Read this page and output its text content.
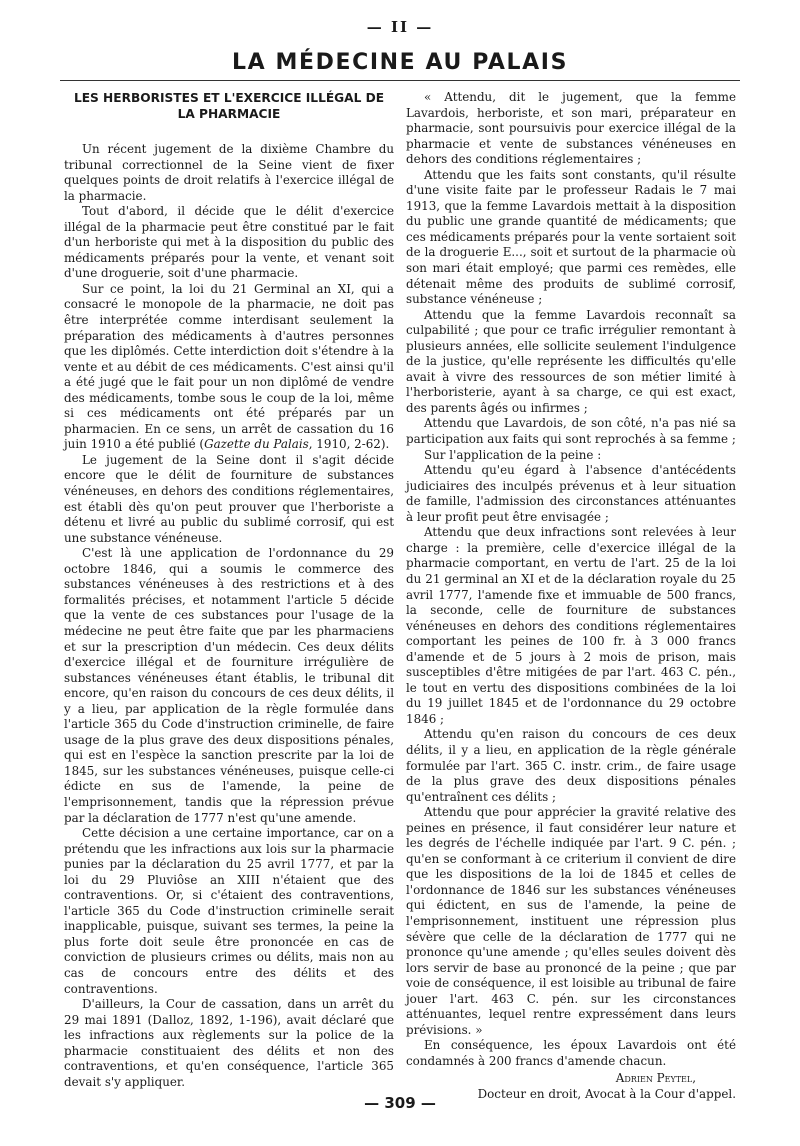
— II —
LA MÉDECINE AU PALAIS
LES HERBORISTES ET L'EXERCICE ILLÉGAL DE LA PHARMACIE

Un récent jugement de la dixième Chambre du tribunal correctionnel de la Seine vient de fixer quelques points de droit relatifs à l'exercice illégal de la pharmacie.

Tout d'abord, il décide que le délit d'exercice illégal de la pharmacie peut être constitué par le fait d'un herboriste qui met à la disposition du public des médicaments préparés pour la vente, et venant soit d'une droguerie, soit d'une pharmacie.

Sur ce point, la loi du 21 Germinal an XI, qui a consacré le monopole de la pharmacie, ne doit pas être interprétée comme interdisant seulement la préparation des médicaments à d'autres personnes que les diplômés. Cette interdiction doit s'étendre à la vente et au débit de ces médicaments. C'est ainsi qu'il a été jugé que le fait pour un non diplômé de vendre des médicaments, tombe sous le coup de la loi, même si ces médicaments ont été préparés par un pharmacien. En ce sens, un arrêt de cassation du 16 juin 1910 a été publié (Gazette du Palais, 1910, 2-62).

Le jugement de la Seine dont il s'agit décide encore que le délit de fourniture de substances vénéneuses, en dehors des conditions réglementaires, est établi dès qu'on peut prouver que l'herboriste a détenu et livré au public du sublimé corrosif, qui est une substance vénéneuse.

C'est là une application de l'ordonnance du 29 octobre 1846, qui a soumis le commerce des substances vénéneuses à des restrictions et à des formalités précises, et notamment l'article 5 décide que la vente de ces substances pour l'usage de la médecine ne peut être faite que par les pharmaciens et sur la prescription d'un médecin. Ces deux délits d'exercice illégal et de fourniture irrégulière de substances vénéneuses étant établis, le tribunal dit encore, qu'en raison du concours de ces deux délits, il y a lieu, par application de la règle formulée dans l'article 365 du Code d'instruction criminelle, de faire usage de la plus grave des deux dispositions pénales, qui est en l'espèce la sanction prescrite par la loi de 1845, sur les substances vénéneuses, puisque celle-ci édicte en sus de l'amende, la peine de l'emprisonnement, tandis que la répression prévue par la déclaration de 1777 n'est qu'une amende.

Cette décision a une certaine importance, car on a prétendu que les infractions aux lois sur la pharmacie punies par la déclaration du 25 avril 1777, et par la loi du 29 Pluviôse an XIII n'étaient que des contraventions. Or, si c'étaient des contraventions, l'article 365 du Code d'instruction criminelle serait inapplicable, puisque, suivant ses termes, la peine la plus forte doit seule être prononcée en cas de conviction de plusieurs crimes ou délits, mais non au cas de concours entre des délits et des contraventions.

D'ailleurs, la Cour de cassation, dans un arrêt du 29 mai 1891 (Dalloz, 1892, 1-196), avait déclaré que les infractions aux règlements sur la police de la pharmacie constituaient des délits et non des contraventions, et qu'en conséquence, l'article 365 devait s'y appliquer.

« Attendu, dit le jugement, que la femme Lavardois, herboriste, et son mari, préparateur en pharmacie, sont poursuivis pour exercice illégal de la pharmacie et vente de substances vénéneuses en dehors des conditions réglementaires ;

Attendu que les faits sont constants, qu'il résulte d'une visite faite par le professeur Radais le 7 mai 1913, que la femme Lavardois mettait à la disposition du public une grande quantité de médicaments; que ces médicaments préparés pour la vente sortaient soit de la droguerie E..., soit et surtout de la pharmacie où son mari était employé; que parmi ces remèdes, elle détenait même des produits de sublimé corrosif, substance vénéneuse ;

Attendu que la femme Lavardois reconnaît sa culpabilité ; que pour ce trafic irrégulier remontant à plusieurs années, elle sollicite seulement l'indulgence de la justice, qu'elle représente les difficultés qu'elle avait à vivre des ressources de son métier limité à l'herboristerie, ayant à sa charge, ce qui est exact, des parents âgés ou infirmes ;

Attendu que Lavardois, de son côté, n'a pas nié sa participation aux faits qui sont reprochés à sa femme ;

Sur l'application de la peine :

Attendu qu'eu égard à l'absence d'antécédents judiciaires des inculpés prévenus et à leur situation de famille, l'admission des circonstances atténuantes à leur profit peut être envisagée ;

Attendu que deux infractions sont relevées à leur charge : la première, celle d'exercice illégal de la pharmacie comportant, en vertu de l'art. 25 de la loi du 21 germinal an XI et de la déclaration royale du 25 avril 1777, l'amende fixe et immuable de 500 francs, la seconde, celle de fourniture de substances vénéneuses en dehors des conditions réglementaires comportant les peines de 100 fr. à 3 000 francs d'amende et de 5 jours à 2 mois de prison, mais susceptibles d'être mitigées de par l'art. 463 C. pén., le tout en vertu des dispositions combinées de la loi du 19 juillet 1845 et de l'ordonnance du 29 octobre 1846 ;

Attendu qu'en raison du concours de ces deux délits, il y a lieu, en application de la règle générale formulée par l'art. 365 C. instr. crim., de faire usage de la plus grave des deux dispositions pénales qu'entraînent ces délits ;

Attendu que pour apprécier la gravité relative des peines en présence, il faut considérer leur nature et les degrés de l'échelle indiquée par l'art. 9 C. pén. ; qu'en se conformant à ce criterium il convient de dire que les dispositions de la loi de 1845 et celles de l'ordonnance de 1846 sur les substances vénéneuses qui édictent, en sus de l'amende, la peine de l'emprisonnement, instituent une répression plus sévère que celle de la déclaration de 1777 qui ne prononce qu'une amende ; qu'elles seules doivent dès lors servir de base au prononcé de la peine ; que par voie de conséquence, il est loisible au tribunal de faire jouer l'art. 463 C. pén. sur les circonstances atténuantes, lequel rentre expressément dans leurs prévisions. »

En conséquence, les époux Lavardois ont été condamnés à 200 francs d'amende chacun.

Adrien Peytel,
Docteur en droit, Avocat à la Cour d'appel.
— 309 —
